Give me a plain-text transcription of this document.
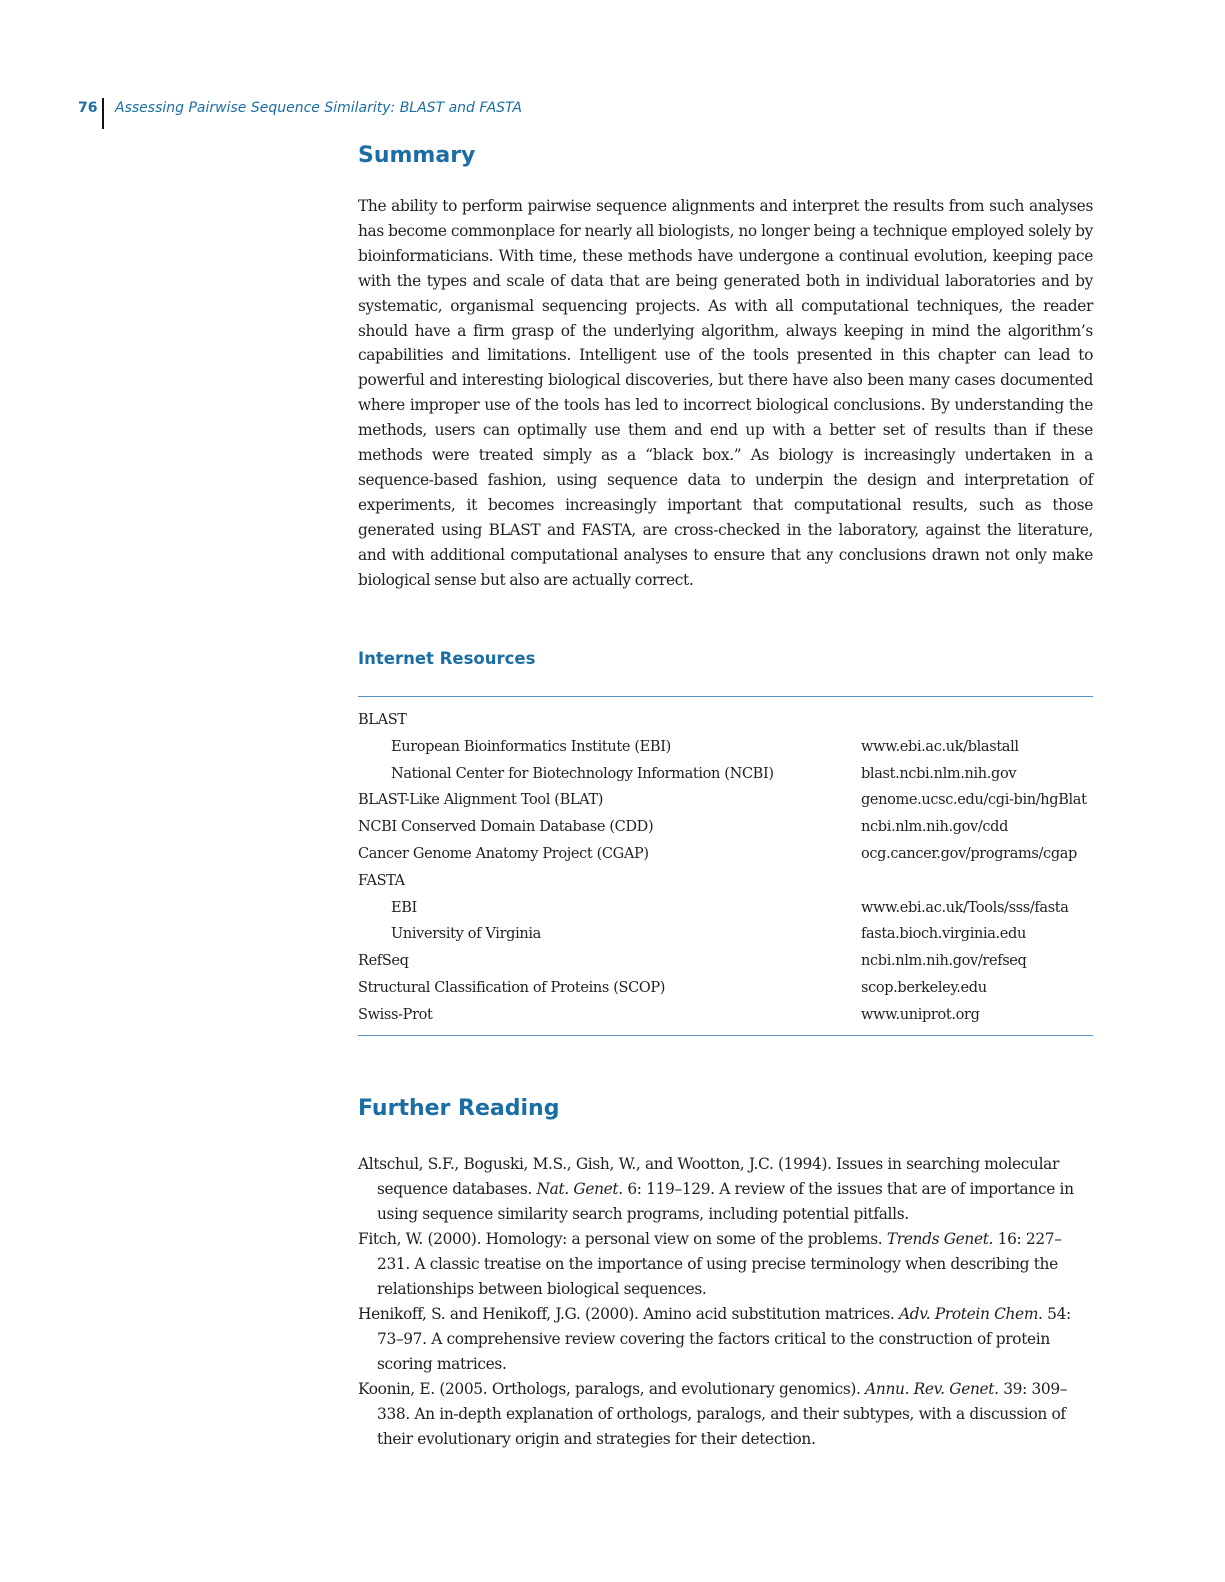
76 Assessing Pairwise Sequence Similarity: BLAST and FASTA
Summary

The ability to perform pairwise sequence alignments and interpret the results from such analyses has become commonplace for nearly all biologists, no longer being a technique employed solely by bioinformaticians. With time, these methods have undergone a continual evolution, keeping pace with the types and scale of data that are being generated both in individual laboratories and by systematic, organismal sequencing projects. As with all computational techniques, the reader should have a firm grasp of the underlying algorithm, always keeping in mind the algorithm’s capabilities and limitations. Intelligent use of the tools presented in this chapter can lead to powerful and interesting biological discoveries, but there have also been many cases documented where improper use of the tools has led to incorrect biological conclusions. By understanding the methods, users can optimally use them and end up with a better set of results than if these methods were treated simply as a “black box.” As biology is increasingly undertaken in a sequence-based fashion, using sequence data to underpin the design and interpretation of experiments, it becomes increasingly important that computational results, such as those generated using BLAST and FASTA, are cross-checked in the laboratory, against the literature, and with additional computational analyses to ensure that any conclusions drawn not only make biological sense but also are actually correct.

Internet Resources
BLAST
European Bioinformatics Institute (EBI)	www.ebi.ac.uk/blastall
National Center for Biotechnology Information (NCBI)	blast.ncbi.nlm.nih.gov
BLAST-Like Alignment Tool (BLAT)	genome.ucsc.edu/cgi-bin/hgBlat
NCBI Conserved Domain Database (CDD)	ncbi.nlm.nih.gov/cdd
Cancer Genome Anatomy Project (CGAP)	ocg.cancer.gov/programs/cgap
FASTA
EBI	www.ebi.ac.uk/Tools/sss/fasta
University of Virginia	fasta.bioch.virginia.edu
RefSeq	ncbi.nlm.nih.gov/refseq
Structural Classification of Proteins (SCOP)	scop.berkeley.edu
Swiss-Prot	www.uniprot.org
Further Reading

Altschul, S.F., Boguski, M.S., Gish, W., and Wootton, J.C. (1994). Issues in searching molecular sequence databases. Nat. Genet. 6: 119–129. A review of the issues that are of importance in using sequence similarity search programs, including potential pitfalls.

Fitch, W. (2000). Homology: a personal view on some of the problems. Trends Genet. 16: 227–231. A classic treatise on the importance of using precise terminology when describing the relationships between biological sequences.

Henikoff, S. and Henikoff, J.G. (2000). Amino acid substitution matrices. Adv. Protein Chem. 54: 73–97. A comprehensive review covering the factors critical to the construction of protein scoring matrices.

Koonin, E. (2005. Orthologs, paralogs, and evolutionary genomics). Annu. Rev. Genet. 39: 309–338. An in-depth explanation of orthologs, paralogs, and their subtypes, with a discussion of their evolutionary origin and strategies for their detection.
